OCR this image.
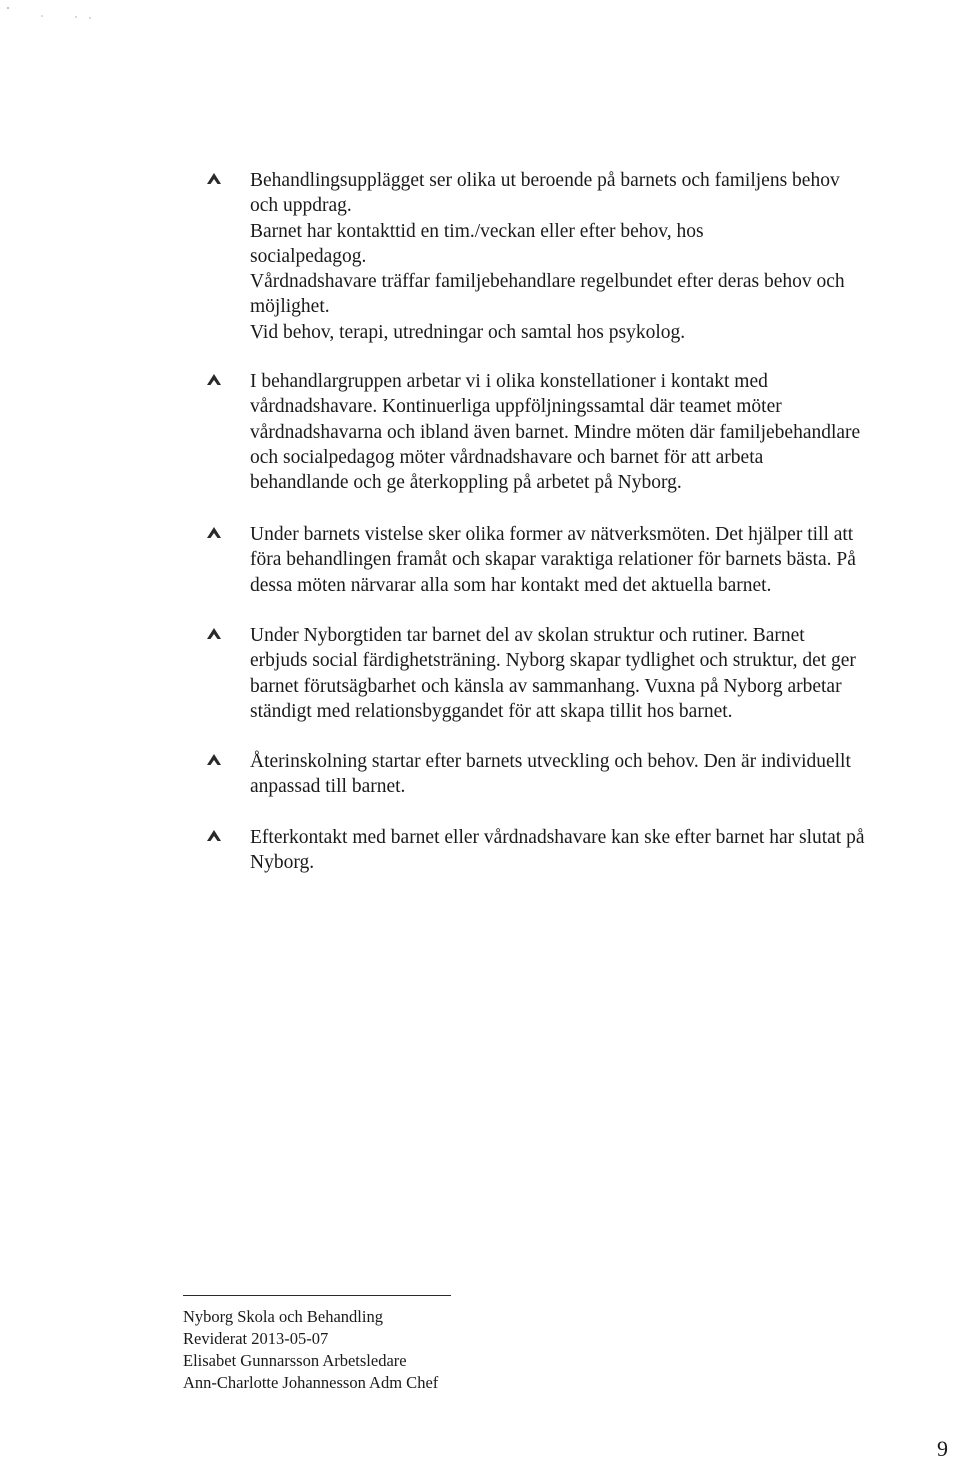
Behandlingsupplägget ser olika ut beroende på barnets och familjens behov
och uppdrag.
Barnet har kontakttid en tim./veckan eller efter behov, hos
socialpedagog.
Vårdnadshavare träffar familjebehandlare regelbundet efter deras behov och
möjlighet.
Vid behov, terapi, utredningar och samtal hos psykolog.
I behandlargruppen arbetar vi i olika konstellationer i kontakt med
vårdnadshavare. Kontinuerliga uppföljningssamtal där teamet möter
vårdnadshavarna och ibland även barnet. Mindre möten där familjebehandlare
och socialpedagog möter vårdnadshavare och barnet för att arbeta
behandlande och ge återkoppling på arbetet på Nyborg.
Under barnets vistelse sker olika former av nätverksmöten. Det hjälper till att
föra behandlingen framåt och skapar varaktiga relationer för barnets bästa. På
dessa möten närvarar alla som har kontakt med det aktuella barnet.
Under Nyborgtiden tar barnet del av skolan struktur och rutiner. Barnet
erbjuds social färdighetsträning. Nyborg skapar tydlighet och struktur, det ger
barnet förutsägbarhet och känsla av sammanhang. Vuxna på Nyborg arbetar
ständigt med relationsbyggandet för att skapa tillit hos barnet.
Återinskolning startar efter barnets utveckling och behov. Den är individuellt
anpassad till barnet.
Efterkontakt med barnet eller vårdnadshavare kan ske efter barnet har slutat på
Nyborg.
Nyborg Skola och Behandling
Reviderat 2013-05-07
Elisabet Gunnarsson Arbetsledare
Ann-Charlotte Johannesson Adm Chef
9
